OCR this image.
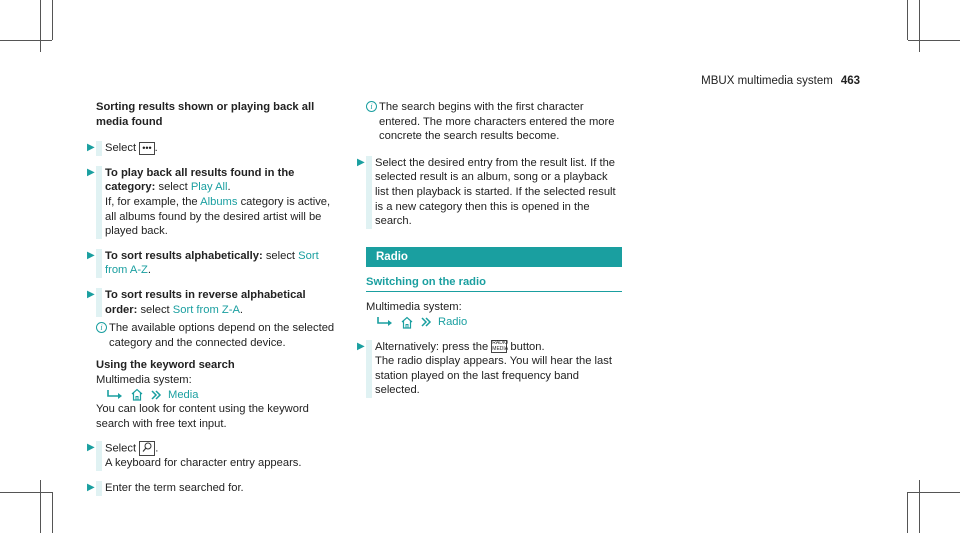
MBUX multimedia system 463

Sorting results shown or playing back all media found

▶ Select ••• .
▶ To play back all results found in the category: select Play All.
If, for example, the Albums category is active, all albums found by the desired artist will be played back.
▶ To sort results alphabetically: select Sort from A-Z.
▶ To sort results in reverse alphabetical order: select Sort from Z-A.
i The available options depend on the selected category and the connected device.

Using the keyword search

Multimedia system:

Media

You can look for content using the keyword search with free text input.

▶ Select .
A keyboard for character entry appears.
▶ Enter the term searched for.
i The search begins with the first character entered. The more characters entered the more concrete the search results become.
▶ Select the desired entry from the result list. If the selected result is an album, song or a playback list then playback is started. If the selected result is a new category then this is opened in the search.
Radio

Switching on the radio

Multimedia system:

Radio
▶ Alternatively: press the RADIO MEDIA button.
The radio display appears. You will hear the last station played on the last frequency band selected.
